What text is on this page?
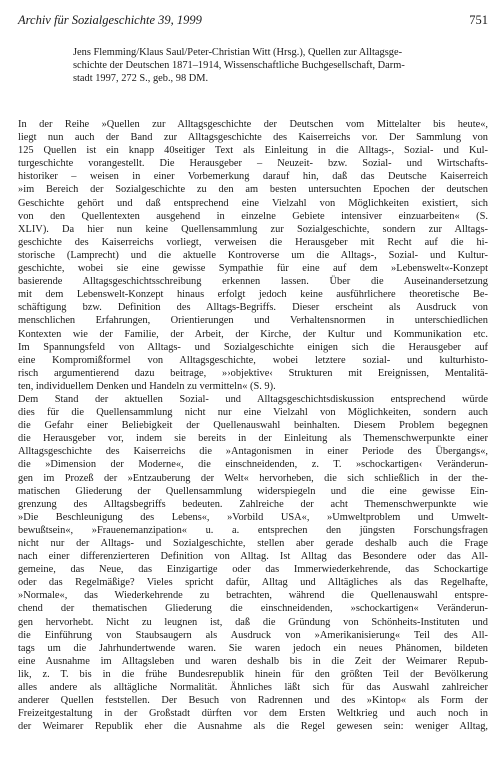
Archiv für Sozialgeschichte 39, 1999	751
Jens Flemming/Klaus Saul/Peter-Christian Witt (Hrsg.), Quellen zur Alltagsge-
schichte der Deutschen 1871–1914, Wissenschaftliche Buchgesellschaft, Darm-
stadt 1997, 272 S., geb., 98 DM.
In der Reihe »Quellen zur Alltagsgeschichte der Deutschen vom Mittelalter bis heute«,
liegt nun auch der Band zur Alltagsgeschichte des Kaiserreichs vor. Der Sammlung von
125 Quellen ist ein knapp 40seitiger Text als Einleitung in die Alltags-, Sozial- und Kul-
turgeschichte vorangestellt. Die Herausgeber – Neuzeit- bzw. Sozial- und Wirtschafts-
historiker – weisen in einer Vorbemerkung darauf hin, daß das Deutsche Kaiserreich
»im Bereich der Sozialgeschichte zu den am besten untersuchten Epochen der deutschen
Geschichte gehört und daß entsprechend eine Vielzahl von Möglichkeiten existiert, sich
von den Quellentexten ausgehend in einzelne Gebiete intensiver einzuarbeiten« (S.
XLIV). Da hier nun keine Quellensammlung zur Sozialgeschichte, sondern zur Alltags-
geschichte des Kaiserreichs vorliegt, verweisen die Herausgeber mit Recht auf die hi-
storische (Lamprecht) und die aktuelle Kontroverse um die Alltags-, Sozial- und Kultur-
geschichte, wobei sie eine gewisse Sympathie für eine auf dem »Lebenswelt«-Konzept
basierende Alltagsgeschichtsschreibung erkennen lassen. Über die Auseinandersetzung
mit dem Lebenswelt-Konzept hinaus erfolgt jedoch keine ausführlichere theoretische Be-
schäftigung bzw. Definition des Alltags-Begriffs. Dieser erscheint als Ausdruck von
menschlichen Erfahrungen, Orientierungen und Verhaltensnormen in unterschiedlichen
Kontexten wie der Familie, der Arbeit, der Kirche, der Kultur und Kommunikation etc.
Im Spannungsfeld von Alltags- und Sozialgeschichte einigen sich die Herausgeber auf
eine Kompromißformel von Alltagsgeschichte, wobei letztere sozial- und kulturhisto-
risch argumentierend dazu beitrage, »›objektive‹ Strukturen mit Ereignissen, Mentalitä-
ten, individuellem Denken und Handeln zu vermitteln« (S. 9).
Dem Stand der aktuellen Sozial- und Alltagsgeschichtsdiskussion entsprechend würde
dies für die Quellensammlung nicht nur eine Vielzahl von Möglichkeiten, sondern auch
die Gefahr einer Beliebigkeit der Quellenauswahl beinhalten. Diesem Problem begegnen
die Herausgeber vor, indem sie bereits in der Einleitung als Themenschwerpunkte einer
Alltagsgeschichte des Kaiserreichs die »Antagonismen in einer Periode des Übergangs«,
die »Dimension der Moderne«, die einschneidenden, z. T. »schockartigen‹ Veränderun-
gen im Prozeß der »Entzauberung der Welt« hervorheben, die sich schließlich in der the-
matischen Gliederung der Quellensammlung widerspiegeln und die eine gewisse Ein-
grenzung des Alltagsbegriffs bedeuten. Zahlreiche der acht Themenschwerpunkte wie
»Die Beschleunigung des Lebens«, »Vorbild USA«, »Umweltproblem und Umwelt-
bewußtsein«, »Frauenemanzipation« u. a. entsprechen den jüngsten Forschungsfragen
nicht nur der Alltags- und Sozialgeschichte, stellen aber gerade deshalb auch die Frage
nach einer differenzierteren Definition von Alltag. Ist Alltag das Besondere oder das All-
gemeine, das Neue, das Einzigartige oder das Immerwiederkehrende, das Schockartige
oder das Regelmäßige? Vieles spricht dafür, Alltag und Alltägliches als das Regelhafte,
»Normale«, das Wiederkehrende zu betrachten, während die Quellenauswahl entspre-
chend der thematischen Gliederung die einschneidenden, »schockartigen« Veränderun-
gen hervorhebt. Nicht zu leugnen ist, daß die Gründung von Schönheits-Instituten und
die Einführung von Staubsaugern als Ausdruck von »Amerikanisierung« Teil des All-
tags um die Jahrhundertwende waren. Sie waren jedoch ein neues Phänomen, bildeten
eine Ausnahme im Alltagsleben und waren deshalb bis in die Zeit der Weimarer Repub-
lik, z. T. bis in die frühe Bundesrepublik hinein für den größten Teil der Bevölkerung
alles andere als alltägliche Normalität. Ähnliches läßt sich für das Auswahl zahlreicher
anderer Quellen feststellen. Der Besuch von Radrennen und des »Kintop« als Form der
Freizeitgestaltung in der Großstadt dürften vor dem Ersten Weltkrieg und auch noch in
der Weimarer Republik eher die Ausnahme als die Regel gewesen sein: weniger Alltag,
